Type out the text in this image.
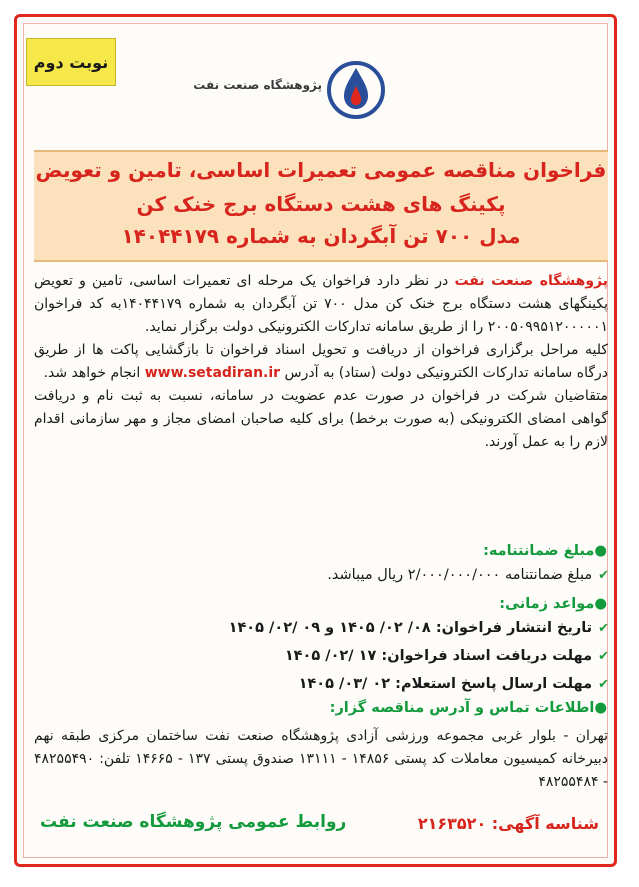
نوبت دوم
پژوهشگاه صنعت نفت
فراخوان مناقصه عمومی تعمیرات اساسی، تامین و تعویض
پکینگ های هشت دستگاه برج خنک کن
مدل ۷۰۰ تن آبگردان به شماره ۱۴۰۴۴۱۷۹

پژوهشگاه صنعت نفت در نظر دارد فراخوان یک مرحله ای تعمیرات اساسی، تامین و تعویض پکینگهای هشت دستگاه برج خنک کن مدل ۷۰۰ تن آبگردان به شماره ۱۴۰۴۴۱۷۹به کد فراخوان ۲۰۰۵۰۹۹۵۱۲۰۰۰۰۰۱ را از طریق سامانه تدارکات الکترونیکی دولت برگزار نماید.

کلیه مراحل برگزاری فراخوان از دریافت و تحویل اسناد فراخوان تا بازگشایی پاکت ها از طریق درگاه سامانه تدارکات الکترونیکی دولت (ستاد) به آدرس www.setadiran.ir انجام خواهد شد.

متقاضیان شرکت در فراخوان در صورت عدم عضویت در سامانه، نسبت به ثبت نام و دریافت گواهی امضای الکترونیکی (به صورت برخط) برای کلیه صاحبان امضای مجاز و مهر سازمانی اقدام لازم را به عمل آورند.

●مبلغ ضمانتنامه:
✔
مبلغ ضمانتنامه ۲/۰۰۰/۰۰۰/۰۰۰ ریال میباشد.
●مواعد زمانی:
✔
تاریخ انتشار فراخوان: ۰۸/ ۰۲/ ۱۴۰۵ و ۰۹ /۰۲/ ۱۴۰۵
✔
مهلت دریافت اسناد فراخوان: ۱۷ /۰۲/ ۱۴۰۵
✔
مهلت ارسال پاسخ استعلام: ۰۲ /۰۳/ ۱۴۰۵
●اطلاعات تماس و آدرس مناقصه گزار:
تهران - بلوار غربی مجموعه ورزشی آزادی پژوهشگاه صنعت نفت ساختمان مرکزی طبقه نهم دبیرخانه کمیسیون معاملات کد پستی ۱۴۸۵۶ - ۱۳۱۱۱ صندوق پستی ۱۳۷ - ۱۴۶۶۵ تلفن: ۴۸۲۵۵۴۹۰ - ۴۸۲۵۵۴۸۴
روابط عمومی پژوهشگاه صنعت نفت	شناسه آگهی: ۲۱۶۳۵۲۰
